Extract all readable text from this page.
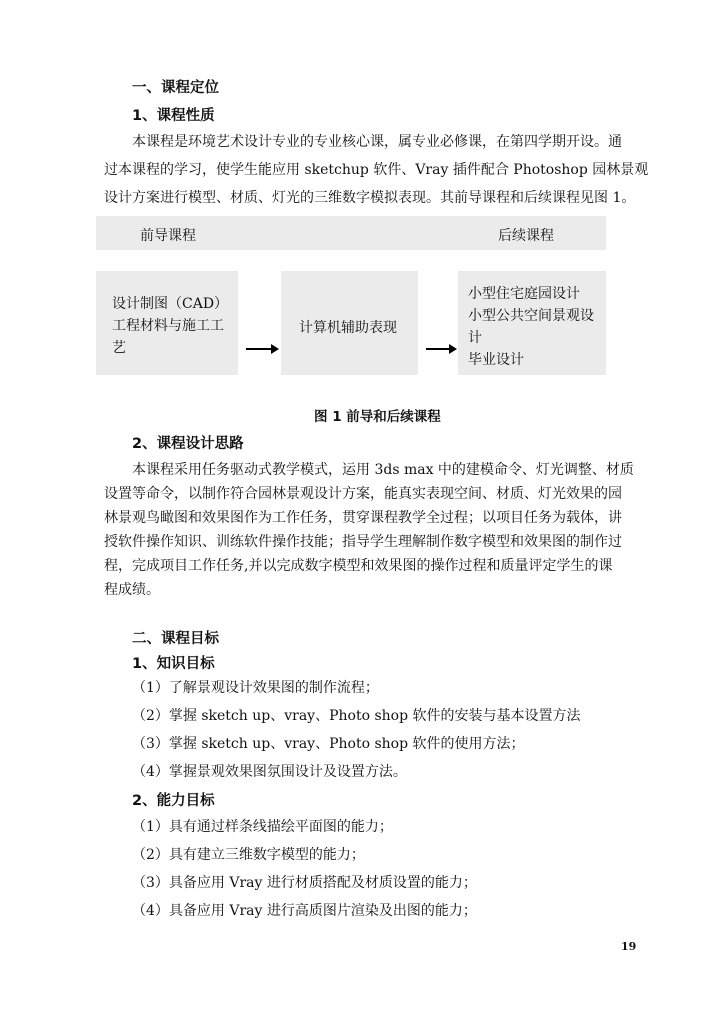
一、课程定位
1、课程性质
本课程是环境艺术设计专业的专业核心课，属专业必修课，在第四学期开设。通
过本课程的学习，使学生能应用 sketchup 软件、Vray 插件配合 Photoshop 园林景观
设计方案进行模型、材质、灯光的三维数字模拟表现。其前导课程和后续课程见图 1。
前导课程	后续课程
设计制图（CAD）
工程材料与施工工
艺
计算机辅助表现
小型住宅庭园设计
小型公共空间景观设
计
毕业设计
图 1 前导和后续课程
2、课程设计思路
本课程采用任务驱动式教学模式，运用 3ds max 中的建模命令、灯光调整、材质
设置等命令，以制作符合园林景观设计方案，能真实表现空间、材质、灯光效果的园
林景观鸟瞰图和效果图作为工作任务，贯穿课程教学全过程；以项目任务为载体，讲
授软件操作知识、训练软件操作技能；指导学生理解制作数字模型和效果图的制作过
程，完成项目工作任务,并以完成数字模型和效果图的操作过程和质量评定学生的课
程成绩。
二、课程目标
1、知识目标
（1）了解景观设计效果图的制作流程；
（2）掌握 sketch up、vray、Photo shop 软件的安装与基本设置方法
（3）掌握 sketch up、vray、Photo shop 软件的使用方法；
（4）掌握景观效果图氛围设计及设置方法。
2、能力目标
（1）具有通过样条线描绘平面图的能力；
（2）具有建立三维数字模型的能力；
（3）具备应用 Vray 进行材质搭配及材质设置的能力；
（4）具备应用 Vray 进行高质图片渲染及出图的能力；
19
